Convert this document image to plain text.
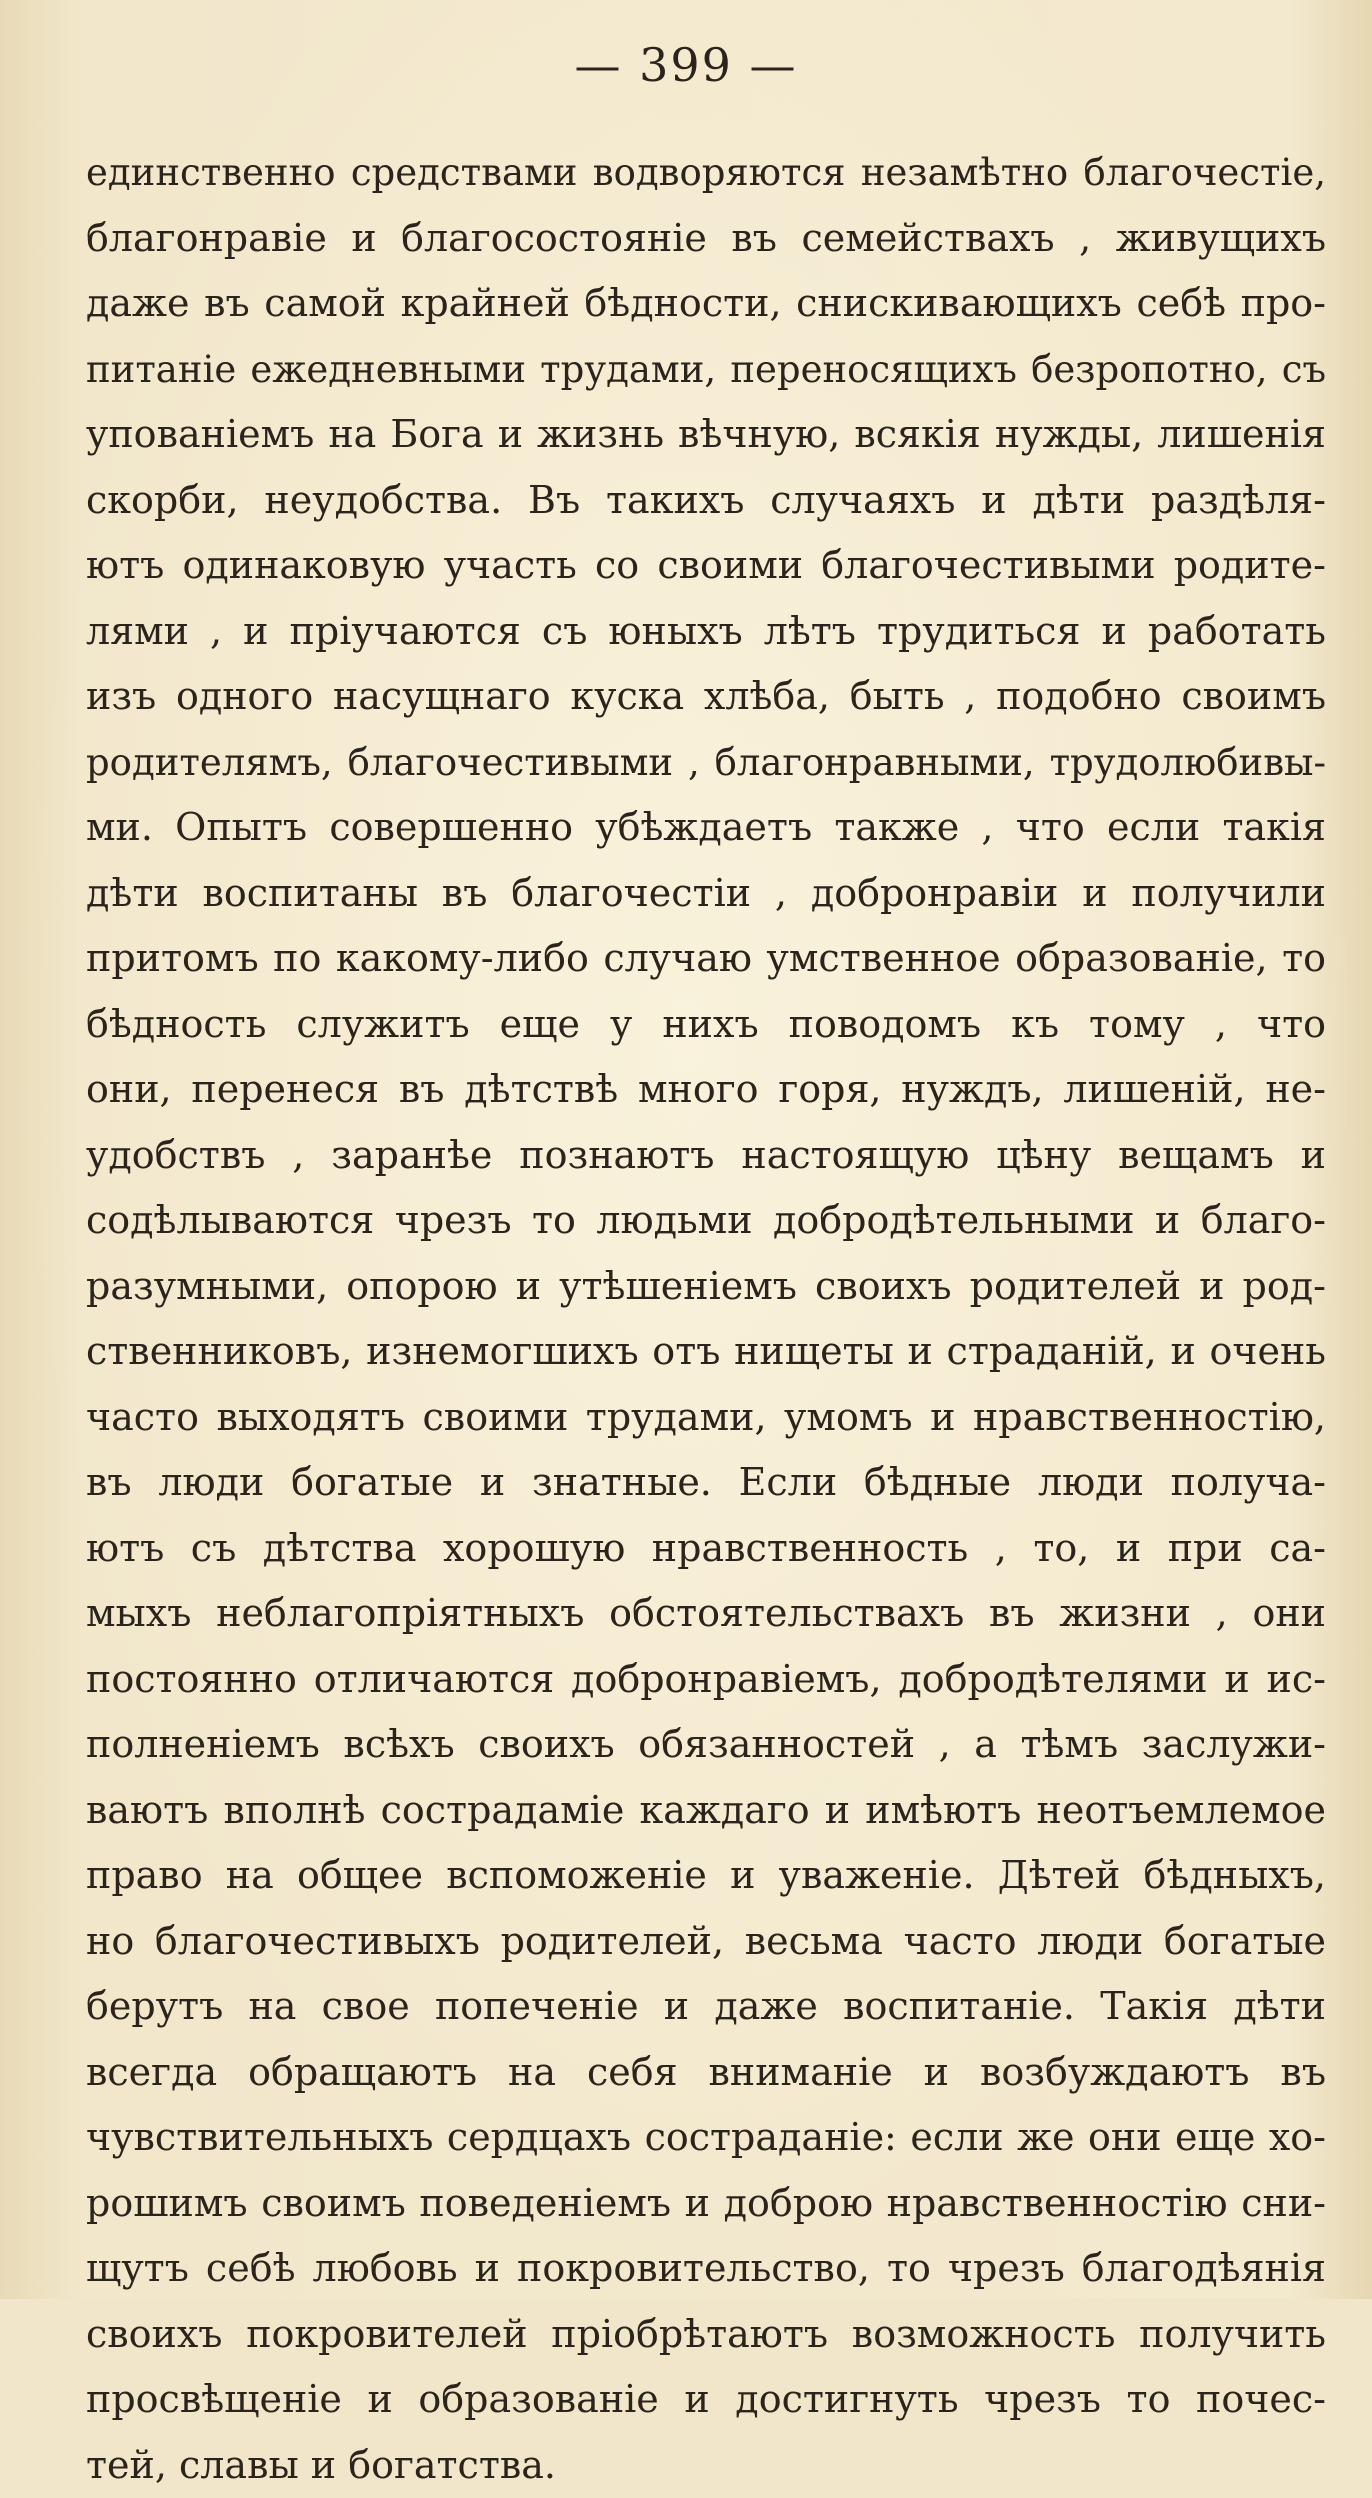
— 399 —
единственно средствами водворяются незамѣтно благочестіе,
благонравіе и благосостояніе въ семействахъ , живущихъ
даже въ самой крайней бѣдности, снискивающихъ себѣ про-
питаніе ежедневными трудами, переносящихъ безропотно, съ
упованіемъ на Бога и жизнь вѣчную, всякія нужды, лишенія
скорби, неудобства. Въ такихъ случаяхъ и дѣти раздѣля-
ютъ одинаковую участь со своими благочестивыми родите-
лями , и пріучаются съ юныхъ лѣтъ трудиться и работать
изъ одного насущнаго куска хлѣба, быть , подобно своимъ
родителямъ, благочестивыми , благонравными, трудолюбивы-
ми. Опытъ совершенно убѣждаетъ также , что если такія
дѣти воспитаны въ благочестіи , добронравіи и получили
притомъ по какому-либо случаю умственное образованіе, то
бѣдность служитъ еще у нихъ поводомъ къ тому , что
они, перенеся въ дѣтствѣ много горя, нуждъ, лишеній, не-
удобствъ , заранѣе познаютъ настоящую цѣну вещамъ и
содѣлываются чрезъ то людьми добродѣтельными и благо-
разумными, опорою и утѣшеніемъ своихъ родителей и род-
ственниковъ, изнемогшихъ отъ нищеты и страданій, и очень
часто выходятъ своими трудами, умомъ и нравственностію,
въ люди богатые и знатные. Если бѣдные люди получа-
ютъ съ дѣтства хорошую нравственность , то, и при са-
мыхъ неблагопріятныхъ обстоятельствахъ въ жизни , они
постоянно отличаются добронравіемъ, добродѣтелями и ис-
полненіемъ всѣхъ своихъ обязанностей , а тѣмъ заслужи-
ваютъ вполнѣ сострадаміе каждаго и имѣютъ неотъемлемое
право на общее вспоможеніе и уваженіе. Дѣтей бѣдныхъ,
но благочестивыхъ родителей, весьма часто люди богатые
берутъ на свое попеченіе и даже воспитаніе. Такія дѣти
всегда обращаютъ на себя вниманіе и возбуждаютъ въ
чувствительныхъ сердцахъ состраданіе: если же они еще хо-
рошимъ своимъ поведеніемъ и доброю нравственностію сни-
щутъ себѣ любовь и покровительство, то чрезъ благодѣянія
своихъ покровителей пріобрѣтаютъ возможность получить
просвѣщеніе и образованіе и достигнуть чрезъ то почес-
тей, славы и богатства.
